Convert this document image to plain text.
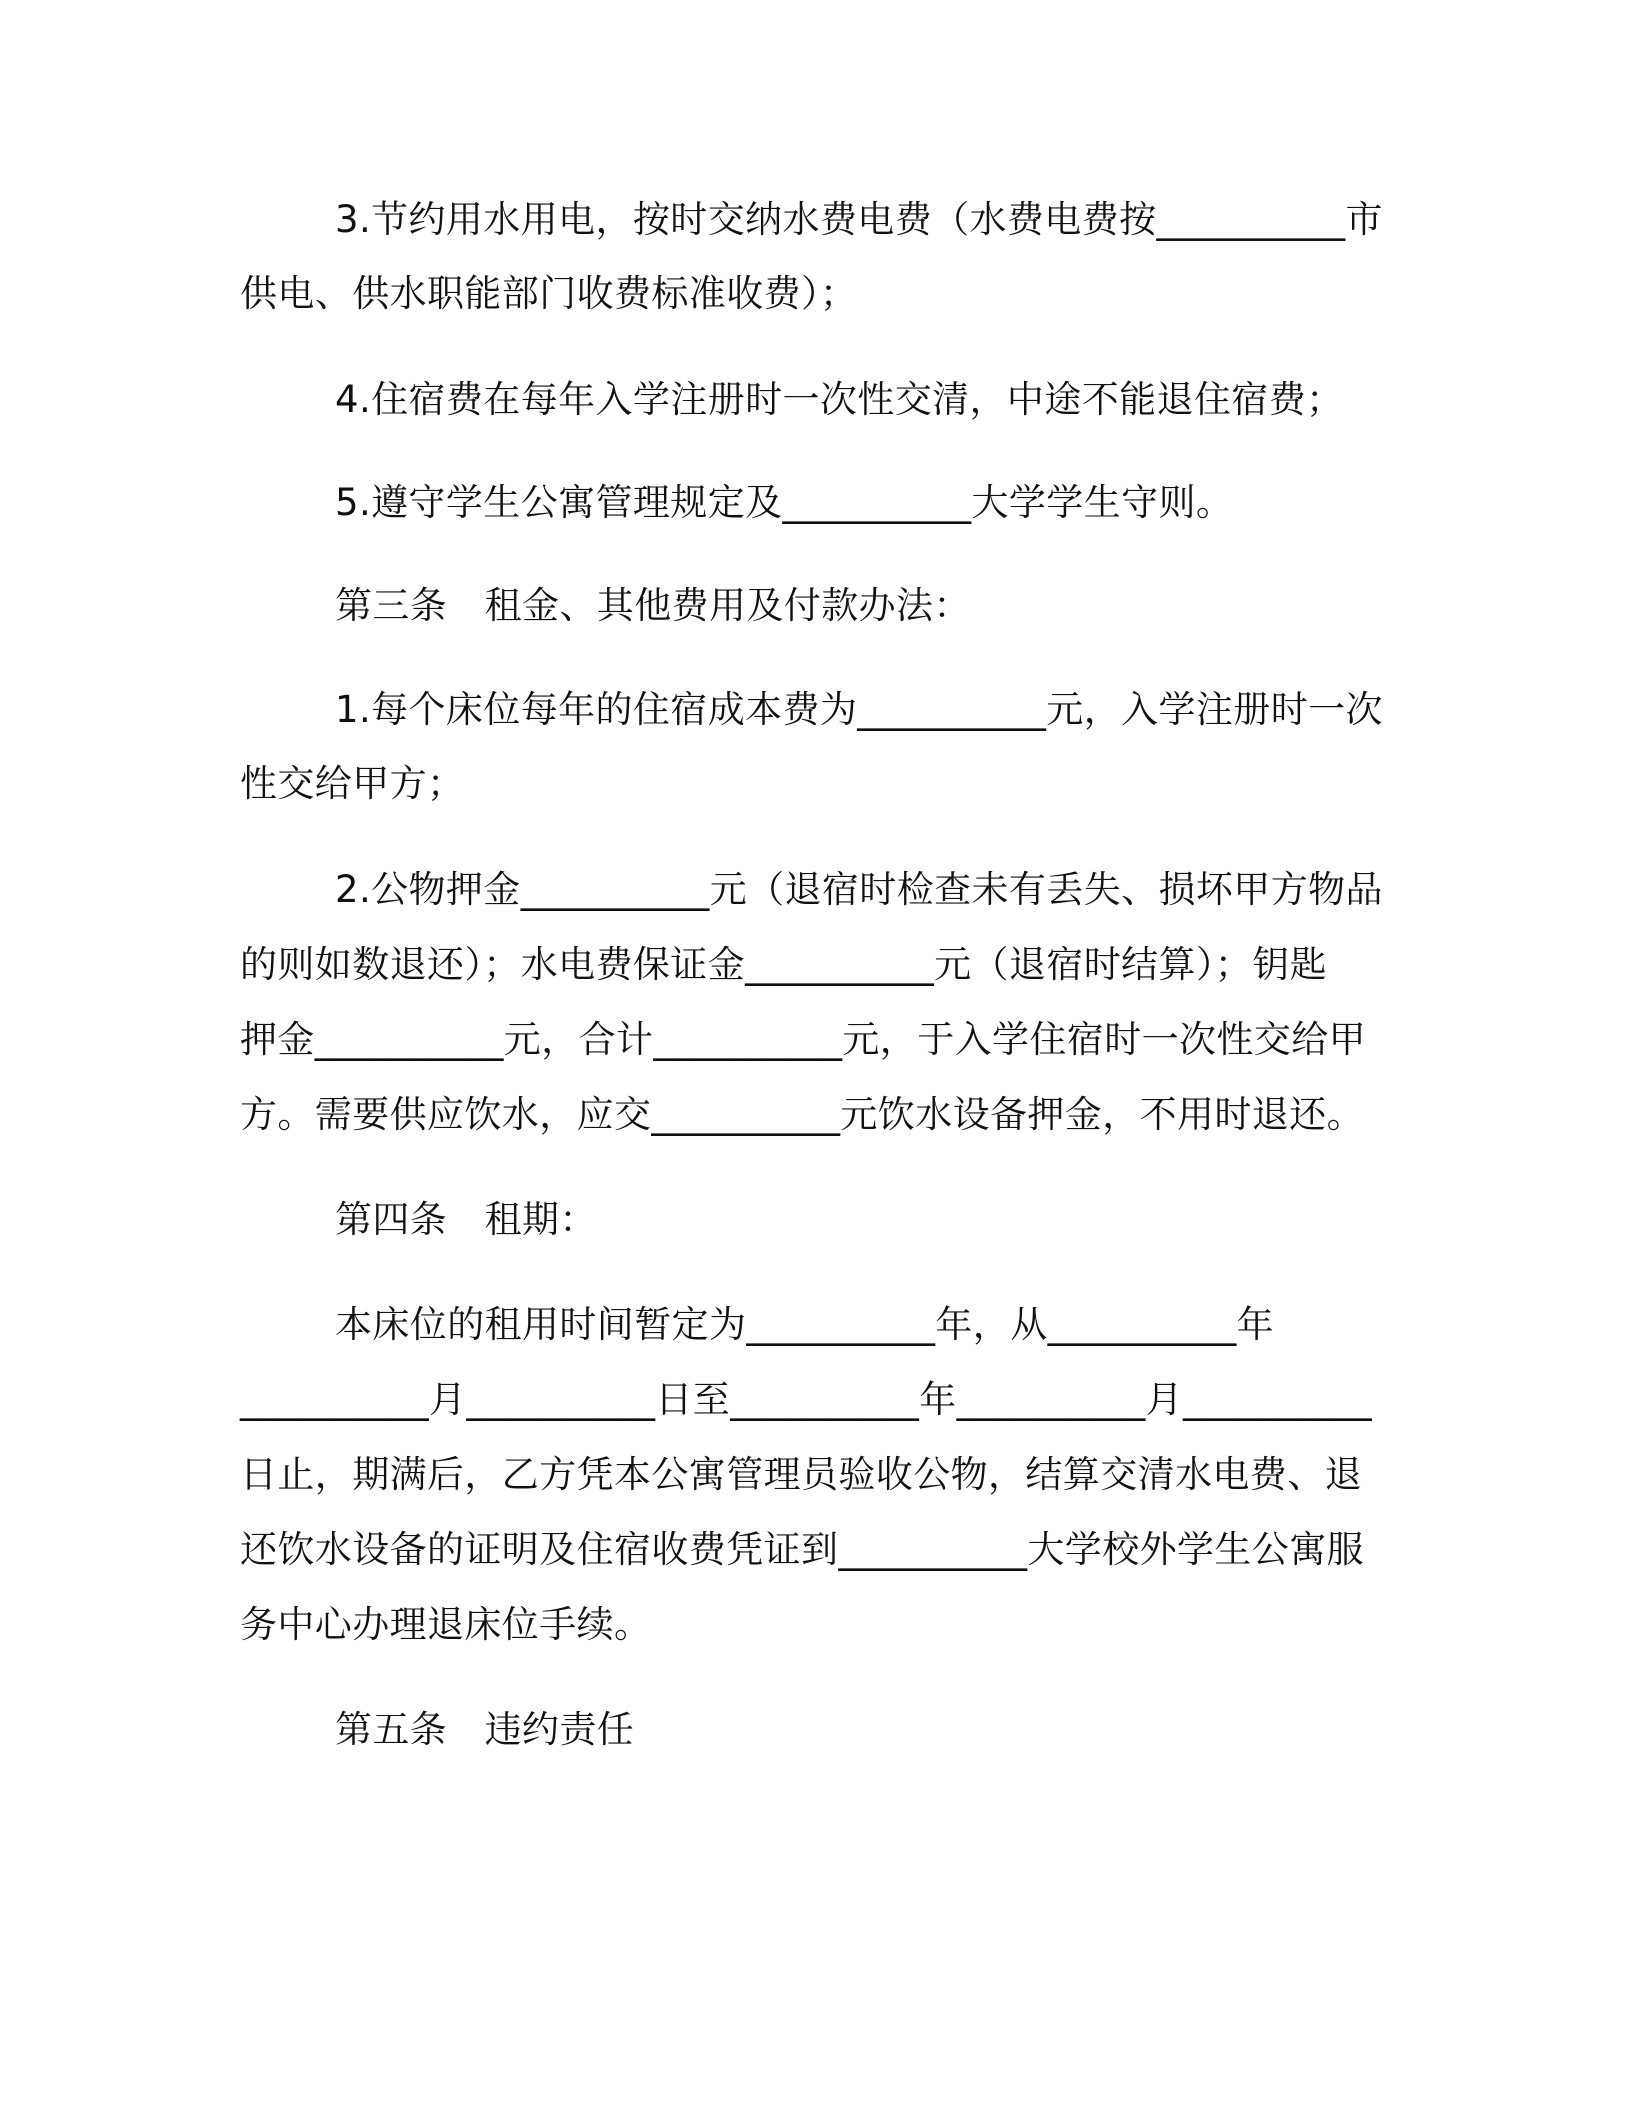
3.节约用水用电，按时交纳水费电费（水费电费按__________市
供电、供水职能部门收费标准收费）；
4.住宿费在每年入学注册时一次性交清，中途不能退住宿费；
5.遵守学生公寓管理规定及__________大学学生守则。
第三条　租金、其他费用及付款办法：
1.每个床位每年的住宿成本费为__________元，入学注册时一次
性交给甲方；
2.公物押金__________元（退宿时检查未有丢失、损坏甲方物品
的则如数退还）；水电费保证金__________元（退宿时结算）；钥匙
押金__________元，合计__________元，于入学住宿时一次性交给甲
方。需要供应饮水，应交__________元饮水设备押金，不用时退还。
第四条　租期：
本床位的租用时间暂定为__________年，从__________年
__________月__________日至__________年__________月__________
日止，期满后，乙方凭本公寓管理员验收公物，结算交清水电费、退
还饮水设备的证明及住宿收费凭证到__________大学校外学生公寓服
务中心办理退床位手续。
第五条　违约责任
